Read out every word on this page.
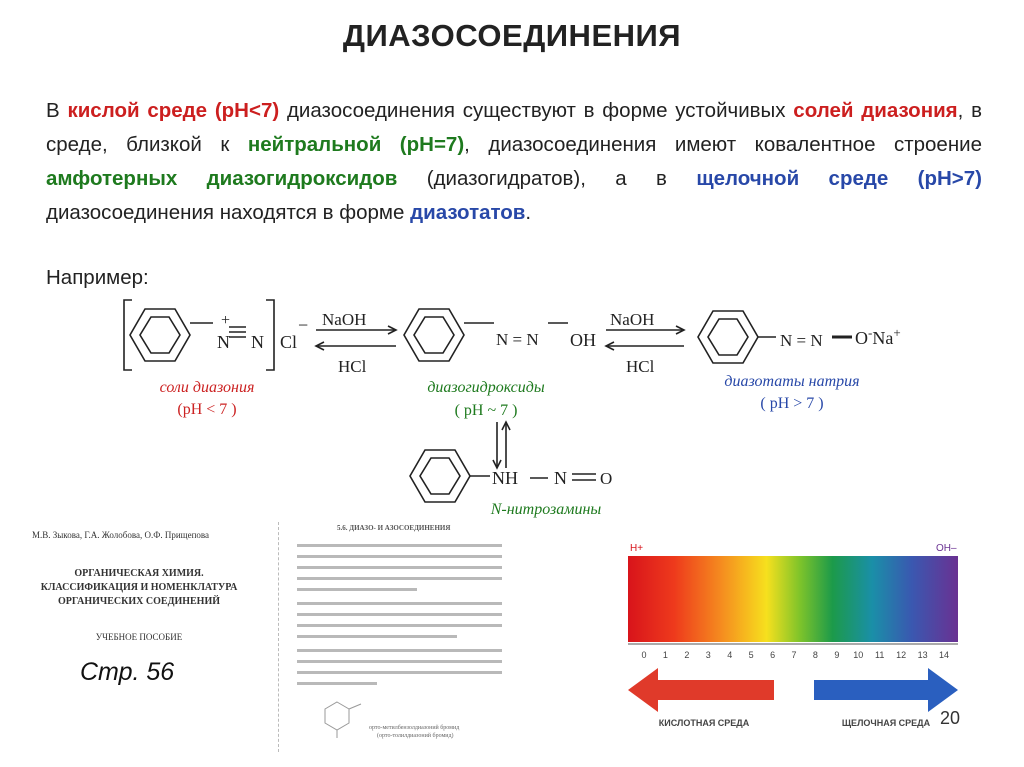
ДИАЗОСОЕДИНЕНИЯ
В кислой среде (рН<7) диазосоединения существуют в форме устойчивых солей диазония, в среде, близкой к нейтральной (рН=7), диазосоединения имеют ковалентное строение амфотерных диазогидроксидов (диазогидратов), а в щелочной среде (рН>7) диазосоединения находятся в форме диазотатов.
Например:
+
N N Cl
− NaOH
HCl
N = N OH
NaOH
HCl
N = N O-Na+
соли диазония
(рН < 7 )
диазогидроксиды
( рН ~ 7 )
диазотаты натрия
( рН > 7 )
NH N O
N-нитрозамины
М.В. Зыкова, Г.А. Жолобова, О.Ф. Прищепова
ОРГАНИЧЕСКАЯ ХИМИЯ.
КЛАССИФИКАЦИЯ И НОМЕНКЛАТУРА
ОРГАНИЧЕСКИХ СОЕДИНЕНИЙ
УЧЕБНОЕ ПОСОБИЕ
Стр. 56
5.6. ДИАЗО- И АЗОСОЕДИНЕНИЯ
орто-метилбензолдиазоний бромид
(орто-толилдиазоний бромид)
Н+	ОН–
0 1 2 3 4 5 6 7 8 9 10 11 12 13 14
КИСЛОТНАЯ СРЕДА	ЩЕЛОЧНАЯ СРЕДА 20
